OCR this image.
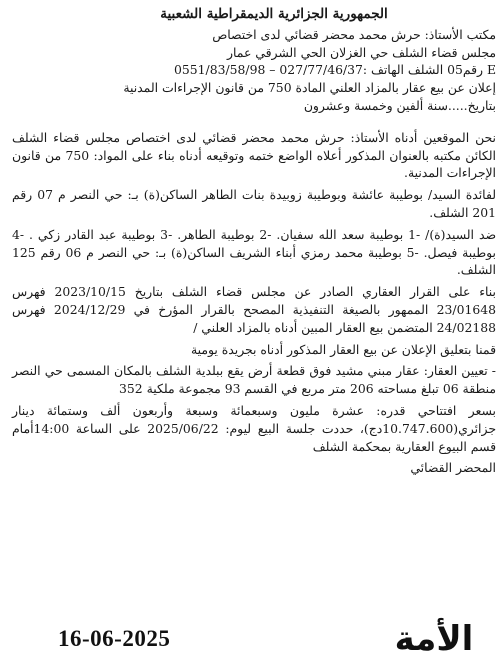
الجمهورية الجزائرية الديمقراطية الشعبية

مكتب الأستاذ: حرش محمد محضر قضائي لدى اختصاص

مجلس قضاء الشلف حي الغزلان الحي الشرقي عمار

E رقم05 الشلف الهاتف :027/77/46/37 – 0551/83/58/98

إعلان عن بيع عقار بالمزاد العلني المادة 750 من قانون الإجراءات المدنية

بتاريخ.....سنة ألفين وخمسة وعشرون

نحن الموقعين أدناه الأستاذ: حرش محمد محضر قضائي لدى اختصاص مجلس قضاء الشلف الكائن مكتبه بالعنوان المذكور أعلاه الواضع ختمه وتوقيعه أدناه بناء على المواد: 750 من قانون الإجراءات المدنية.

لفائدة السيد/ بوطيبة عائشة وبوطيبة زوبيدة بنات الطاهر الساكن(ة) بـ: حي النصر م 07 رقم 201 الشلف.

ضد السيد(ة)/ -1 بوطيبة سعد الله سفيان. -2 بوطيبة الطاهر. -3 بوطيبة عبد القادر زكي . -4 بوطيبة فيصل. -5 بوطيبة محمد رمزي أبناء الشريف الساكن(ة) بـ: حي النصر م 06 رقم 125 الشلف.

بناء على القرار العقاري الصادر عن مجلس قضاء الشلف بتاريخ 2023/10/15 فهرس 23/01648 الممهور بالصيغة التنفيذية المصحح بالقرار المؤرخ في 2024/12/29 فهرس 24/02188 المتضمن بيع العقار المبين أدناه بالمزاد العلني /

قمنا بتعليق الإعلان عن بيع العقار المذكور أدناه بجريدة يومية

- تعيين العقار: عقار مبني مشيد فوق قطعة أرض يقع ببلدية الشلف بالمكان المسمى حي النصر منطقة 06 تبلغ مساحته 206 متر مربع في القسم 93 مجموعة ملكية 352

بسعر افتتاحي قدره: عشرة مليون وسبعمائة وسبعة وأربعون ألف وستمائة دينار جزائري(10.747.600دج)، حددت جلسة البيع ليوم: 2025/06/22 على الساعة 14:00أمام قسم البيوع العقارية بمحكمة الشلف

المحضر القضائي

16-06-2025	الأمة
